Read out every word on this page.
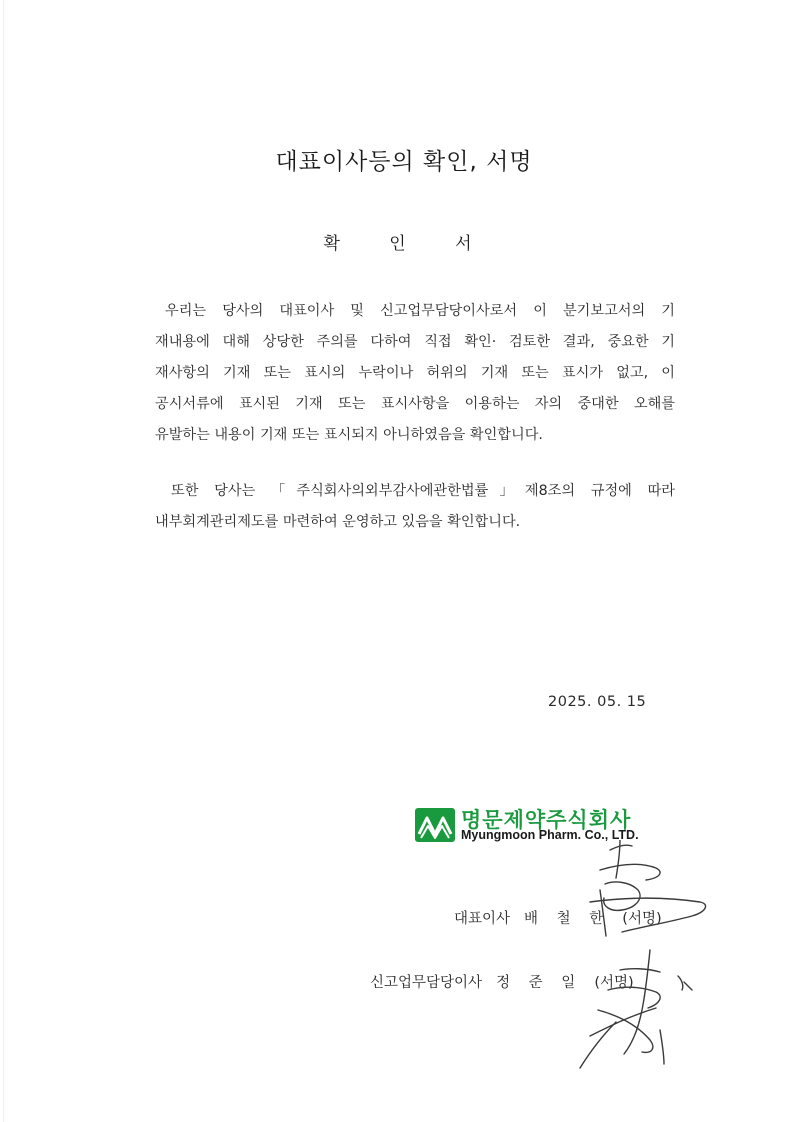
대표이사등의 확인, 서명
확 인 서
우리는 당사의 대표이사 및 신고업무담당이사로서 이 분기보고서의 기
재내용에 대해 상당한 주의를 다하여 직접 확인· 검토한 결과, 중요한 기
재사항의 기재 또는 표시의 누락이나 허위의 기재 또는 표시가 없고, 이
공시서류에 표시된 기재 또는 표시사항을 이용하는 자의 중대한 오해를
유발하는 내용이 기재 또는 표시되지 아니하였음을 확인합니다.
또한 당사는 「주식회사의외부감사에관한법률」제8조의 규정에 따라
내부회계관리제도를 마련하여 운영하고 있음을 확인합니다.
2025. 05. 15
명문제약주식회사
Myungmoon Pharm. Co., LTD.
대표이사 배 철 한 (서명)
신고업무담당이사 정 준 일 (서명)
